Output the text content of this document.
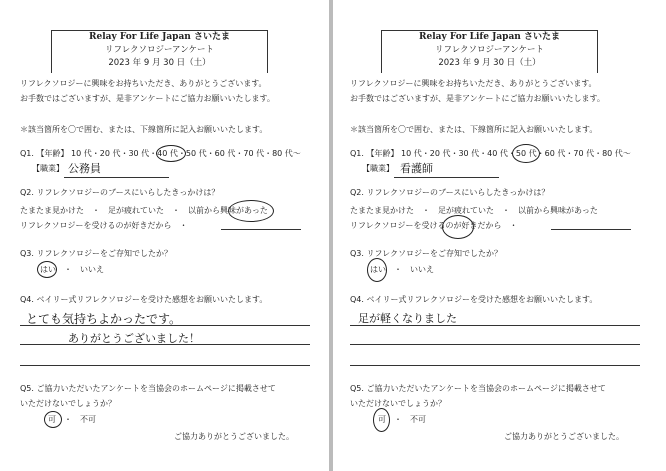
Relay For Life Japan さいたま
リフレクソロジーアンケート
2023 年 9 月 30 日（土）
リフレクソロジーに興味をお持ちいただき、ありがとうございます。
お手数ではございますが、是非アンケートにご協力お願いいたします。
＊該当箇所を〇で囲む、または、下線箇所に記入お願いいたします。
Q1. 【年齢】 10 代・20 代・30 代・40 代・50 代・60 代・70 代・80 代〜
【職業】 公務員
Q2. リフレクソロジーのブースにいらしたきっかけは？
たまたま見かけた　・　足が疲れていた　・　以前から興味があった
リフレクソロジーを受けるのが好きだから　・
Q3. リフレクソロジーをご存知でしたか？
はい　・　いいえ
Q4. ベイリー式リフレクソロジーを受けた感想をお願いいたします。
とても気持ちよかったです。
ありがとうございました！
Q5. ご協力いただいたアンケートを当協会のホームページに掲載させて
いただけないでしょうか？
可　・　不可
ご協力ありがとうございました。
Relay For Life Japan さいたま
リフレクソロジーアンケート
2023 年 9 月 30 日（土）
リフレクソロジーに興味をお持ちいただき、ありがとうございます。
お手数ではございますが、是非アンケートにご協力お願いいたします。
＊該当箇所を〇で囲む、または、下線箇所に記入お願いいたします。
Q1. 【年齢】 10 代・20 代・30 代・40 代・50 代・60 代・70 代・80 代〜
【職業】 看護師
Q2. リフレクソロジーのブースにいらしたきっかけは？
たまたま見かけた　・　足が疲れていた　・　以前から興味があった
リフレクソロジーを受けるのが好きだから　・
Q3. リフレクソロジーをご存知でしたか？
はい　・　いいえ
Q4. ベイリー式リフレクソロジーを受けた感想をお願いいたします。
足が軽くなりました
Q5. ご協力いただいたアンケートを当協会のホームページに掲載させて
いただけないでしょうか？
可　・　不可
ご協力ありがとうございました。
